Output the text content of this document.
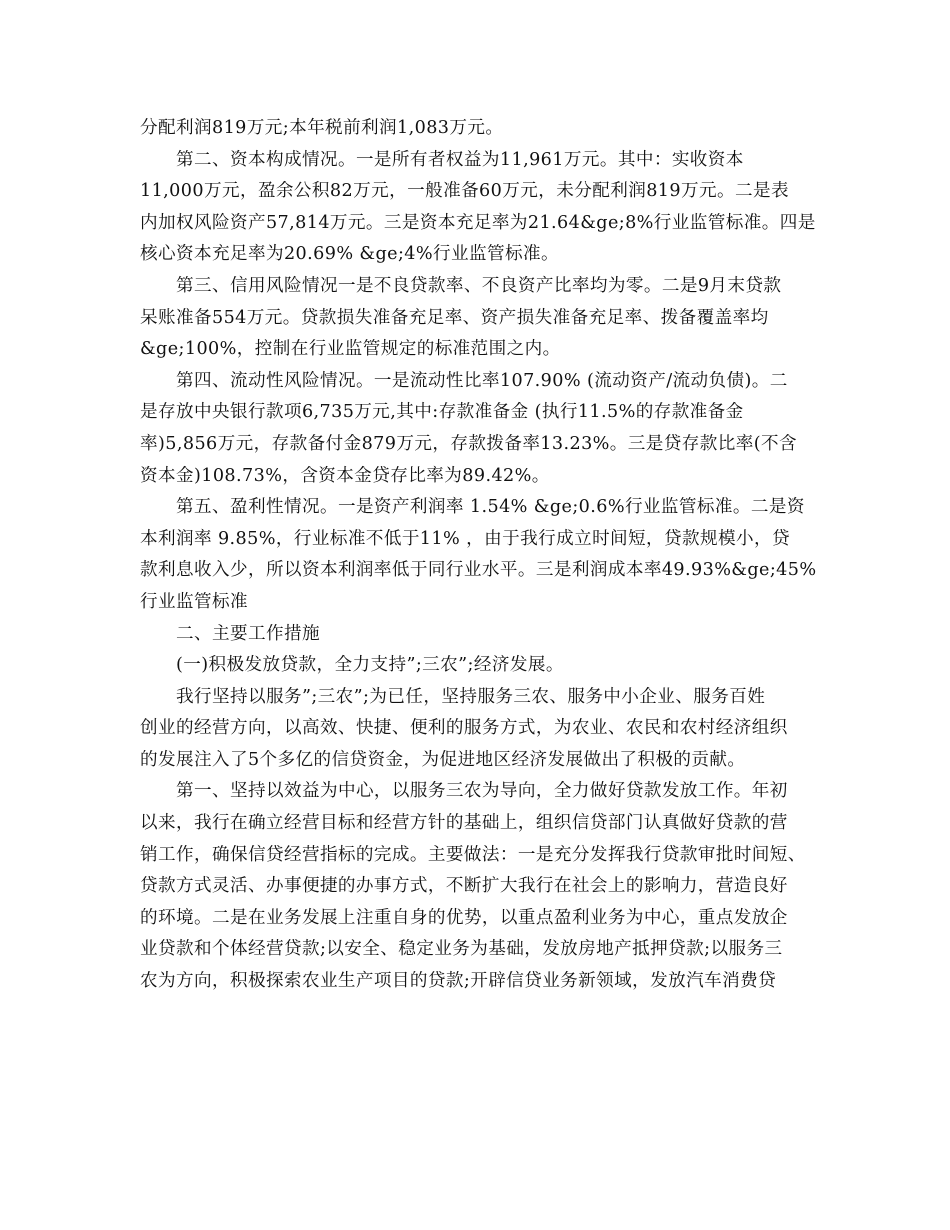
分配利润819万元;本年税前利润1,083万元。
第二、资本构成情况。一是所有者权益为11,961万元。其中：实收资本
11,000万元，盈余公积82万元，一般准备60万元，未分配利润819万元。二是表
内加权风险资产57,814万元。三是资本充足率为21.64&ge;8%行业监管标准。四是
核心资本充足率为20.69% &ge;4%行业监管标准。
第三、信用风险情况一是不良贷款率、不良资产比率均为零。二是9月末贷款
呆账准备554万元。贷款损失准备充足率、资产损失准备充足率、拨备覆盖率均
&ge;100%，控制在行业监管规定的标准范围之内。
第四、流动性风险情况。一是流动性比率107.90% (流动资产/流动负债)。二
是存放中央银行款项6,735万元,其中:存款准备金 (执行11.5%的存款准备金
率)5,856万元，存款备付金879万元，存款拨备率13.23%。三是贷存款比率(不含
资本金)108.73%，含资本金贷存比率为89.42%。
第五、盈利性情况。一是资产利润率 1.54% &ge;0.6%行业监管标准。二是资
本利润率 9.85%，行业标准不低于11% ，由于我行成立时间短，贷款规模小，贷
款利息收入少，所以资本利润率低于同行业水平。三是利润成本率49.93%&ge;45%
行业监管标准
二、主要工作措施
(一)积极发放贷款，全力支持”;三农”;经济发展。
我行坚持以服务”;三农”;为已任，坚持服务三农、服务中小企业、服务百姓
创业的经营方向，以高效、快捷、便利的服务方式，为农业、农民和农村经济组织
的发展注入了5个多亿的信贷资金，为促进地区经济发展做出了积极的贡献。
第一、坚持以效益为中心，以服务三农为导向，全力做好贷款发放工作。年初
以来，我行在确立经营目标和经营方针的基础上，组织信贷部门认真做好贷款的营
销工作，确保信贷经营指标的完成。主要做法：一是充分发挥我行贷款审批时间短、
贷款方式灵活、办事便捷的办事方式，不断扩大我行在社会上的影响力，营造良好
的环境。二是在业务发展上注重自身的优势，以重点盈利业务为中心，重点发放企
业贷款和个体经营贷款;以安全、稳定业务为基础，发放房地产抵押贷款;以服务三
农为方向，积极探索农业生产项目的贷款;开辟信贷业务新领域，发放汽车消费贷
